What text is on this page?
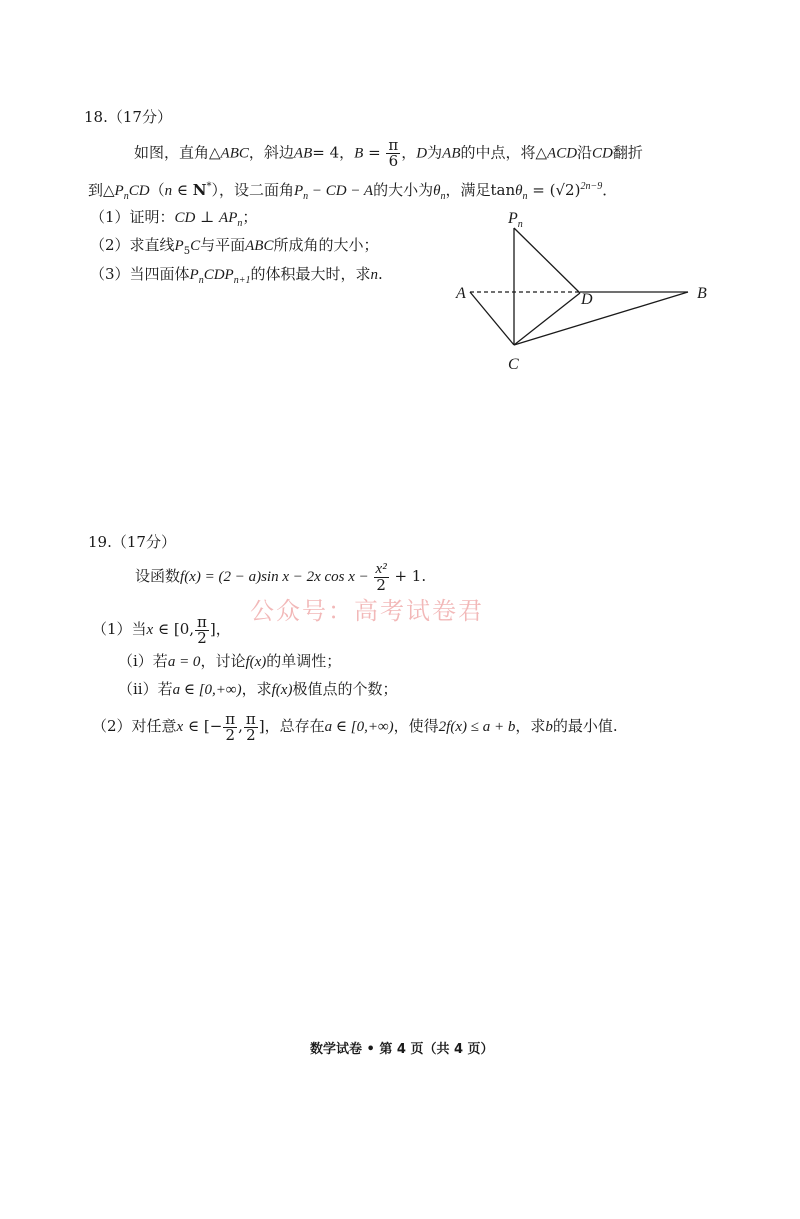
18.（17分）
如图，直角△ABC，斜边AB= 4，$B = \frac{\pi}{6}$ ，D为AB的中点，将△ACD沿CD翻折
到$\triangle P_nCD(n$ ∈ N*），设二面角$P_n$ − CD − A的大小为$\theta_n$，满足$\tan\theta_n = (√2)^{2n-9}$．
（1）证明：CD ⊥ $AP_n$；
（2）求直线$P_5C$与平面ABC所成角的大小；
（3）当四面体$P_nCDP_{n+1}$的体积最大时，求n.
$P_n$
A	D	B
C
19.（17分）
设函数f(x) = (2 − a)sin x − 2x $\cos x - \frac{\text{x²}}{2} + 1$.
公众号：高考试卷君
（1）当x ∈ [0, $\frac{\pi}{2}$ ]，
（i）若a = 0，讨论f(x)的单调性；
（ii）若a ∈ [0,+∞)，求f(x)极值点的个数；
（2）对任意x ∈ [− $\frac{\pi}{2}$ , $\frac{\pi}{2}$ ]，总存在a ∈ [0,+∞)，使得2f(x) ≤ a + b，求b的最小值.
数学试卷 • 第 4 页（共 4 页）
